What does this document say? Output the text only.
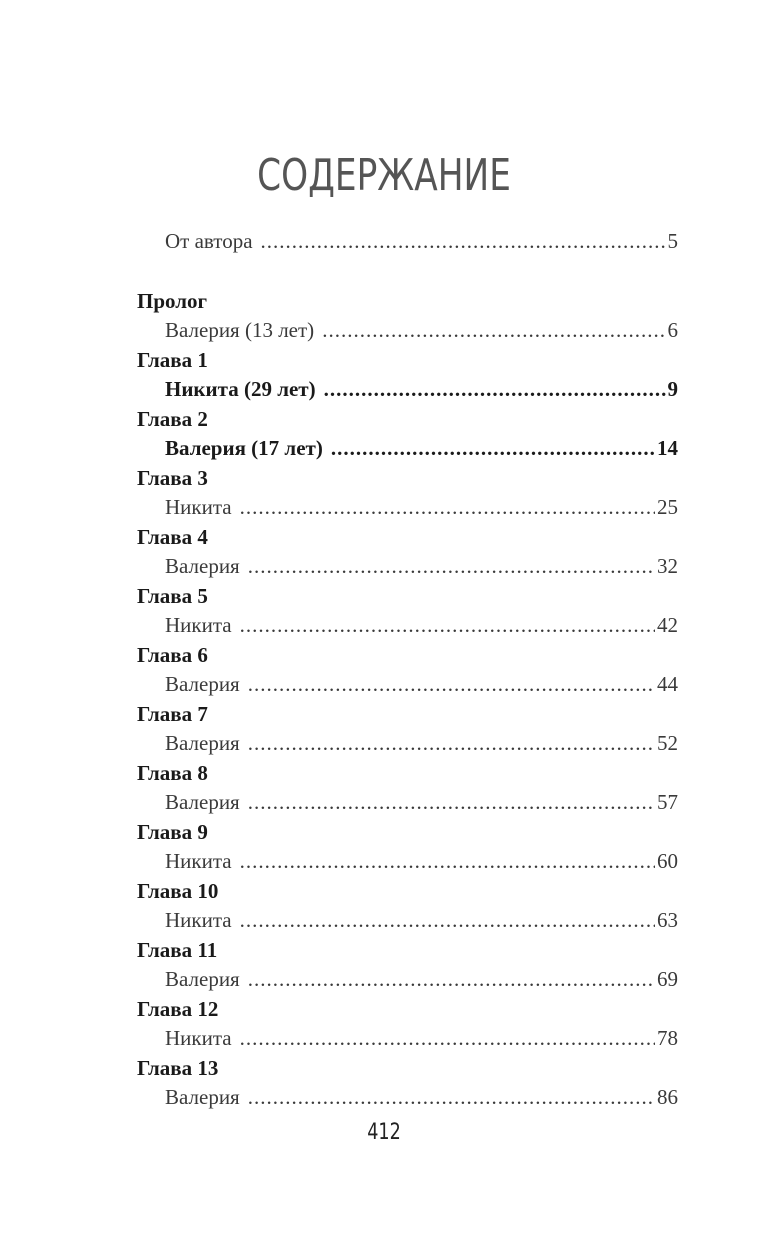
СОДЕРЖАНИЕ
От автора .....	5
Пролог
Валерия (13 лет) .....	6
Глава 1
Никита (29 лет) .....	9
Глава 2
Валерия (17 лет) .....	14
Глава 3
Никита .....	25
Глава 4
Валерия .....	32
Глава 5
Никита .....	42
Глава 6
Валерия .....	44
Глава 7
Валерия .....	52
Глава 8
Валерия .....	57
Глава 9
Никита .....	60
Глава 10
Никита .....	63
Глава 11
Валерия .....	69
Глава 12
Никита .....	78
Глава 13
Валерия .....	86
412
